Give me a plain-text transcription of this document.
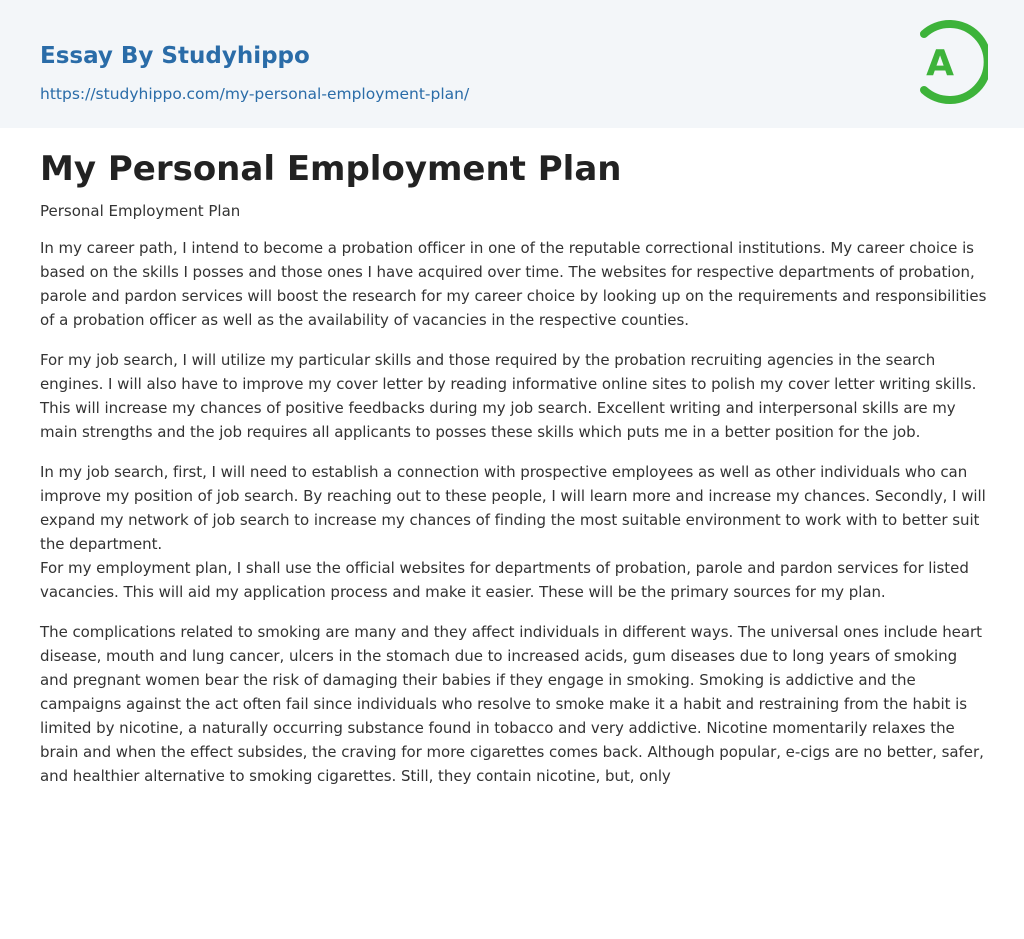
Essay By Studyhippo
https://studyhippo.com/my-personal-employment-plan/
A
My Personal Employment Plan

Personal Employment Plan

In my career path, I intend to become a probation officer in one of the reputable correctional institutions. My career choice is based on the skills I posses and those ones I have acquired over time. The websites for respective departments of probation, parole and pardon services will boost the research for my career choice by looking up on the requirements and responsibilities of a probation officer as well as the availability of vacancies in the respective counties.

For my job search, I will utilize my particular skills and those required by the probation recruiting agencies in the search engines. I will also have to improve my cover letter by reading informative online sites to polish my cover letter writing skills. This will increase my chances of positive feedbacks during my job search. Excellent writing and interpersonal skills are my main strengths and the job requires all applicants to posses these skills which puts me in a better position for the job.

In my job search, first, I will need to establish a connection with prospective employees as well as other individuals who can improve my position of job search. By reaching out to these people, I will learn more and increase my chances. Secondly, I will expand my network of job search to increase my chances of finding the most suitable environment to work with to better suit the department.

For my employment plan, I shall use the official websites for departments of probation, parole and pardon services for listed vacancies. This will aid my application process and make it easier. These will be the primary sources for my plan.

The complications related to smoking are many and they affect individuals in different ways. The universal ones include heart disease, mouth and lung cancer, ulcers in the stomach due to increased acids, gum diseases due to long years of smoking and pregnant women bear the risk of damaging their babies if they engage in smoking. Smoking is addictive and the campaigns against the act often fail since individuals who resolve to smoke make it a habit and restraining from the habit is limited by nicotine, a naturally occurring substance found in tobacco and very addictive. Nicotine momentarily relaxes the brain and when the effect subsides, the craving for more cigarettes comes back. Although popular, e-cigs are no better, safer, and healthier alternative to smoking cigarettes. Still, they contain nicotine, but, only
